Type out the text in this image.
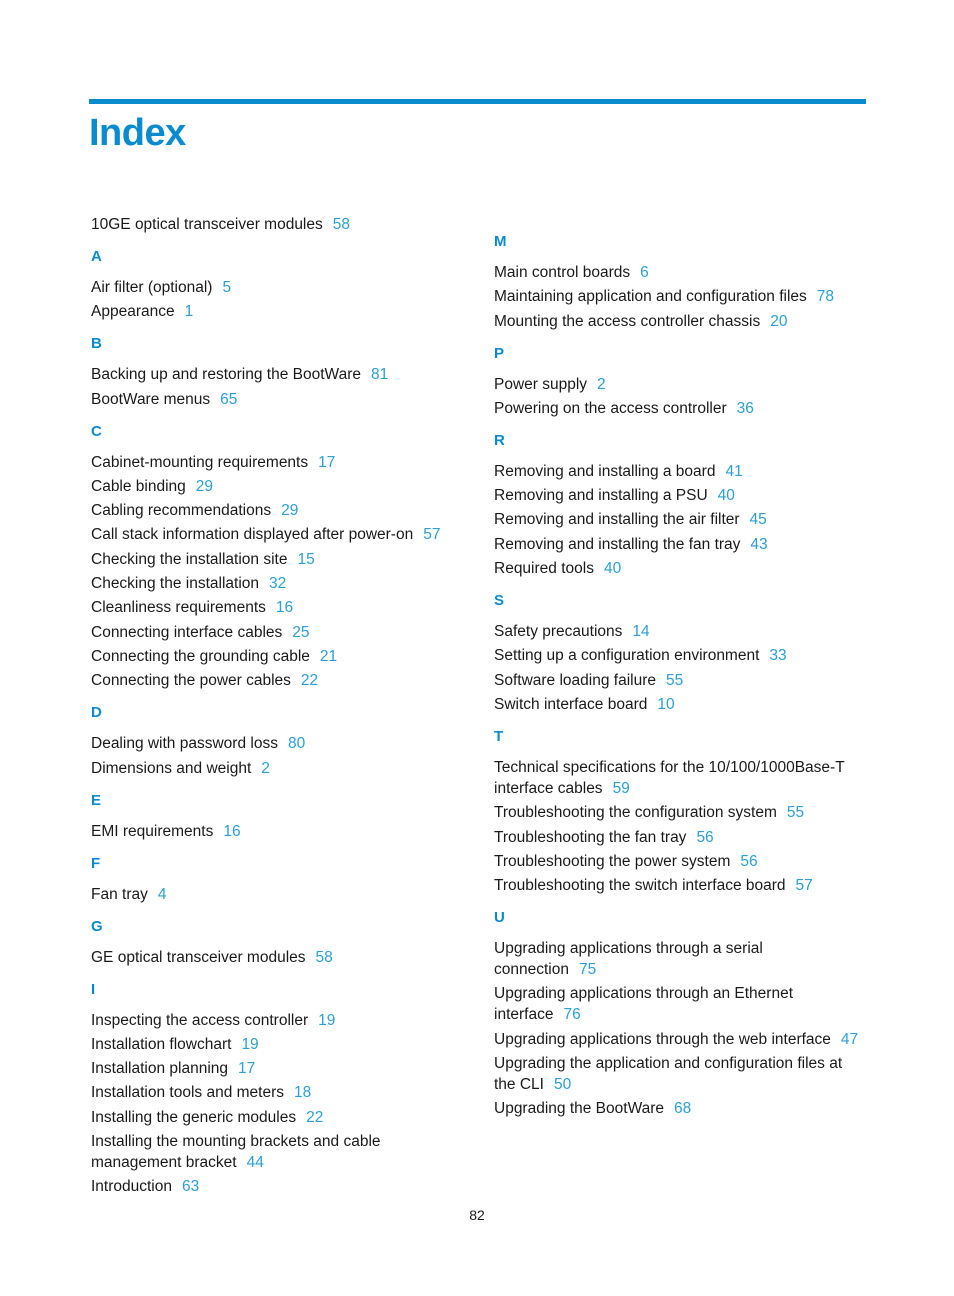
Index
10GE optical transceiver modules 58
A
Air filter (optional) 5
Appearance 1
B
Backing up and restoring the BootWare 81
BootWare menus 65
C
Cabinet-mounting requirements 17
Cable binding 29
Cabling recommendations 29
Call stack information displayed after power-on 57
Checking the installation site 15
Checking the installation 32
Cleanliness requirements 16
Connecting interface cables 25
Connecting the grounding cable 21
Connecting the power cables 22
D
Dealing with password loss 80
Dimensions and weight 2
E
EMI requirements 16
F
Fan tray 4
G
GE optical transceiver modules 58
I
Inspecting the access controller 19
Installation flowchart 19
Installation planning 17
Installation tools and meters 18
Installing the generic modules 22
Installing the mounting brackets and cable management bracket 44
Introduction 63
M
Main control boards 6
Maintaining application and configuration files 78
Mounting the access controller chassis 20
P
Power supply 2
Powering on the access controller 36
R
Removing and installing a board 41
Removing and installing a PSU 40
Removing and installing the air filter 45
Removing and installing the fan tray 43
Required tools 40
S
Safety precautions 14
Setting up a configuration environment 33
Software loading failure 55
Switch interface board 10
T
Technical specifications for the 10/100/1000Base-T interface cables 59
Troubleshooting the configuration system 55
Troubleshooting the fan tray 56
Troubleshooting the power system 56
Troubleshooting the switch interface board 57
U
Upgrading applications through a serial connection 75
Upgrading applications through an Ethernet interface 76
Upgrading applications through the web interface 47
Upgrading the application and configuration files at the CLI 50
Upgrading the BootWare 68
82
